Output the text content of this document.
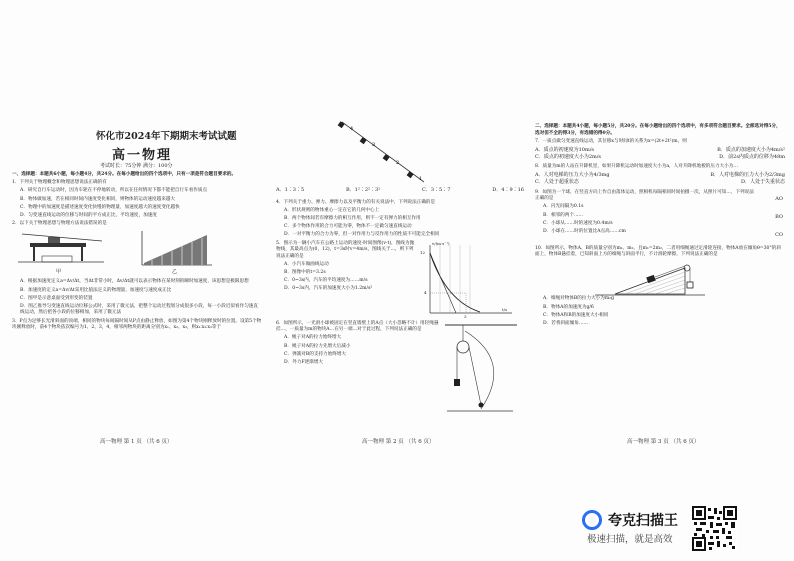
怀化市2024年下期期末考试试题
高一物理
考试时长：75分钟 满分：100分

一、选择题：本题共6小题，每小题4分，共24分。在每小题给出的四个选项中，只有一项是符合题目要求的。

1．下列关于物理概念和物理思想说法正确的有

A．研究自行车运动时，因为车轮在不停地转动，所以在任何情况下都不能把自行车看作质点

B．物体做加速，若在相同时间内速度变化相同，则物体的运动速度越来越大

C．物理中的加速度是描述速度变化快慢的物理量，加速度越大的速度变化越快

D．匀变速直线运动的位移与时间的平方成正比，平均速度，加速度

2．以下关于物理思想与物理方法说法错误的是

甲	乙

A．根据加速度定义a=Δv/Δt，当Δt非常小时，Δv/Δt就可以表示物体在某时刻的瞬时加速度，该思想是极限思想

B．加速度的定义a=Δv/Δt采用比值法定义的物理量，加速度与速度成正比

C．图甲是示意桌面受到形变的装置

D．图乙推导匀变速直线运动位移公式时，采用了微元法，把整个运动过程划分成很多小段，每一小段近似看作匀速直线运动，然后把各小段的位移相加，采用了微元法

3．P点为足够长光滑斜面的顶端，相同的物块每间隔时间从P点由静止释放，如图为第4个物块刚释放时的位置。设第5个物块刚释放时，前4个物块依次编号为1、2、3，4，相邻两物块的距离分别为x₁、x₂、x₃，则x₁∶x₂∶x₃等于

高一物理 第 1 页 （共 6 页）
4
3
2
1
A．1∶3∶5	B．1²∶2²∶3²	C．3∶5∶7	D．4∶9∶16

4．下列关于重力、弹力、摩擦力以及平衡力的有关说法中，下列说法正确的是

A．形状规则的物体重心一定在它的几何中心上

B．两个物体间若有摩擦力的相互作用，则不一定有弹力的相互作用

C．多个物体作用的合力可能为零，物体不一定做匀速直线运动

D．一对平衡力的合力为零，但一对作用力与反作用力的性质不可能完全相同

5．图示为一辆小汽车在公路上运动的速度-时间图像(v-t)，图线为抛物线，其最高点为(0，12)，t=3s时v=4m/s，图线关于…，则下列说法正确的是

A．小汽车做曲线运动

B．图像中的t=3.2s

C．0~3s内，汽车的平均速度为……m/s

D．0~3s内，汽车的加速度大小为1.2m/s²

v/(m·s⁻¹)
t/s
12
4
3

6．如图所示，一光滑小球被固定在竖直墙壁上的A点（大小忽略不计）用轻绳悬挂…，一质量为m的物块A…在另一端…对于此过程，下列说法正确的是

A．绳子对A的拉力始终增大

B．绳子对A的拉力先增大后减小

C．弹簧对B的支持力始终增大

D．外力F逐渐增大

高一物理 第 2 页 （共 6 页）

二、选择题：本题共4小题，每小题5分，共20分。在每小题给出的四个选项中，有多项符合题目要求。全部选对得5分，选对但不全的得3分，有选错的得0分。

7．一质点做匀变速直线运动，其位移x与时间t的关系为x=(2t+2t²)m，则

A．质点的初速度为10m/s	B．质点的加速度大小为4m/s²
C．质点的初速度大小为2m/s	D．前2s内质点的位移为48m

8．质量为m的人站在升降机里，如果升降机运动时加速度大小为a，人对升降机地板的压力大小为…

A．人对电梯的压力大小为4/3mg	B．人对电梯的压力大小为2/3mg
C．人处于超重状态	D．人处于失重状态

9．如图为一个球，在竖直方向上作自由落体运动，照相机每隔相同时间拍摄一次，从照片可知…，下列说法正确的是

A．闪光间隔为0.1s

B．相邻的两个……

C．小球从……时的速度为0.4m/s

D．小球在……时的位置比A点高……cm

AO
BO
CO

10．如图所示，物体A、B的质量分别为m₁、m₂，且m₁=2m₂，二者用细绳通过定滑轮连接，物体A放在倾角θ=30°的斜面上，物体B悬挂着，已知斜面上方的细绳与斜面平行，不计滑轮摩擦，下列说法正确的是

A．细绳对物体B的拉力大小为m₂g

B．物体A的加速度为g/6

C．物体A和B的加速度大小相同

D．若将斜面倾角……

高一物理 第 3 页 （共 6 页）
夸克扫描王
极速扫描，就是高效
